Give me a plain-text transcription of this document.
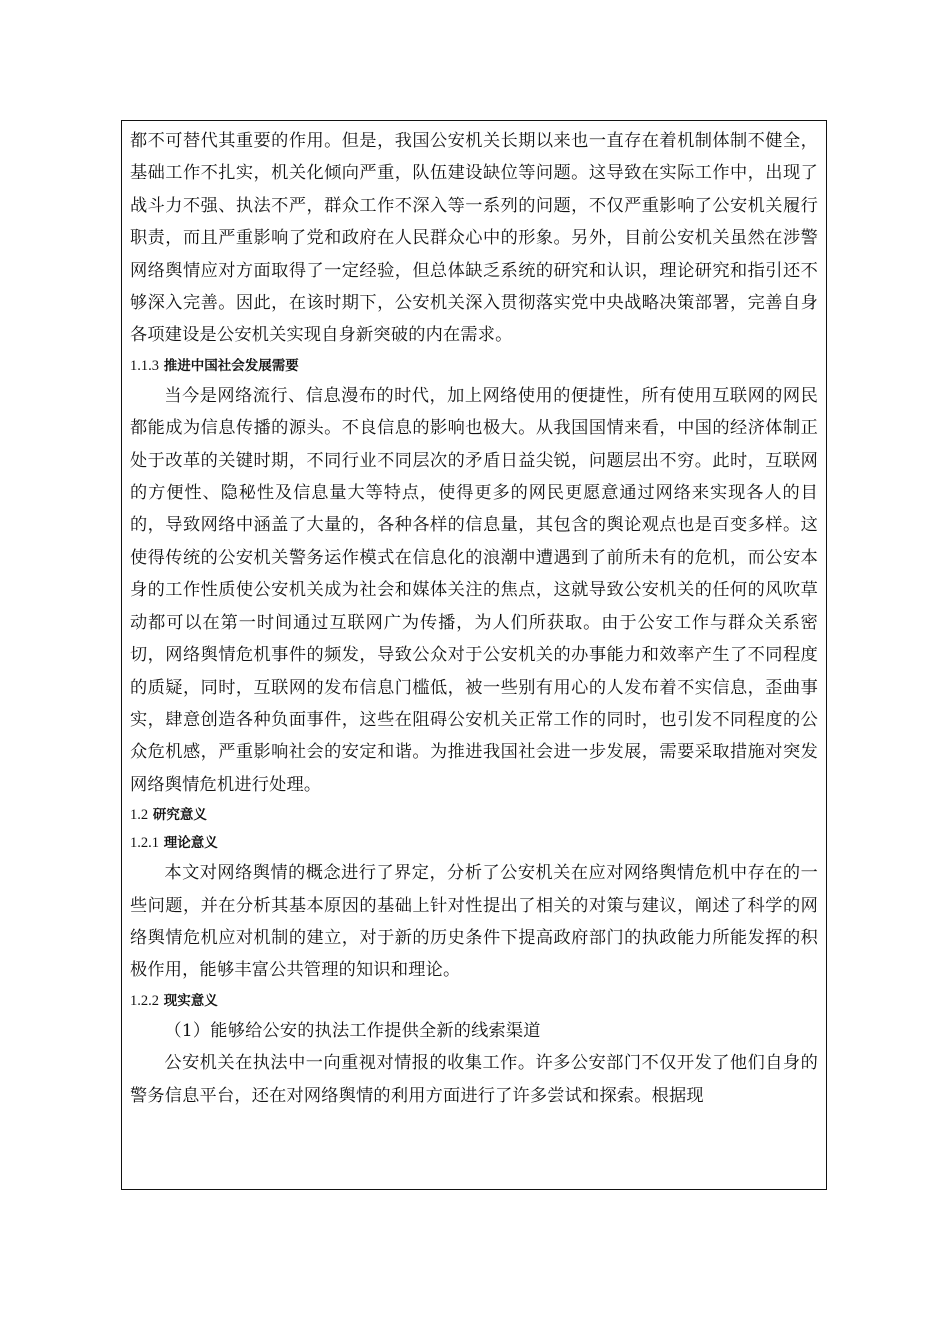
都不可替代其重要的作用。但是，我国公安机关长期以来也一直存在着机制体制不健全，基础工作不扎实，机关化倾向严重，队伍建设缺位等问题。这导致在实际工作中，出现了战斗力不强、执法不严，群众工作不深入等一系列的问题，不仅严重影响了公安机关履行职责，而且严重影响了党和政府在人民群众心中的形象。另外，目前公安机关虽然在涉警网络舆情应对方面取得了一定经验，但总体缺乏系统的研究和认识，理论研究和指引还不够深入完善。因此，在该时期下，公安机关深入贯彻落实党中央战略决策部署，完善自身各项建设是公安机关实现自身新突破的内在需求。

1.1.3 推进中国社会发展需要

当今是网络流行、信息漫布的时代，加上网络使用的便捷性，所有使用互联网的网民都能成为信息传播的源头。不良信息的影响也极大。从我国国情来看，中国的经济体制正处于改革的关键时期，不同行业不同层次的矛盾日益尖锐，问题层出不穷。此时，互联网的方便性、隐秘性及信息量大等特点，使得更多的网民更愿意通过网络来实现各人的目的，导致网络中涵盖了大量的，各种各样的信息量，其包含的舆论观点也是百变多样。这使得传统的公安机关警务运作模式在信息化的浪潮中遭遇到了前所未有的危机，而公安本身的工作性质使公安机关成为社会和媒体关注的焦点，这就导致公安机关的任何的风吹草动都可以在第一时间通过互联网广为传播，为人们所获取。由于公安工作与群众关系密切，网络舆情危机事件的频发，导致公众对于公安机关的办事能力和效率产生了不同程度的质疑，同时，互联网的发布信息门槛低，被一些别有用心的人发布着不实信息，歪曲事实，肆意创造各种负面事件，这些在阻碍公安机关正常工作的同时，也引发不同程度的公众危机感，严重影响社会的安定和谐。为推进我国社会进一步发展，需要采取措施对突发网络舆情危机进行处理。

1.2 研究意义

1.2.1 理论意义

本文对网络舆情的概念进行了界定，分析了公安机关在应对网络舆情危机中存在的一些问题，并在分析其基本原因的基础上针对性提出了相关的对策与建议，阐述了科学的网络舆情危机应对机制的建立，对于新的历史条件下提高政府部门的执政能力所能发挥的积极作用，能够丰富公共管理的知识和理论。

1.2.2 现实意义

（1）能够给公安的执法工作提供全新的线索渠道

公安机关在执法中一向重视对情报的收集工作。许多公安部门不仅开发了他们自身的警务信息平台，还在对网络舆情的利用方面进行了许多尝试和探索。根据现
